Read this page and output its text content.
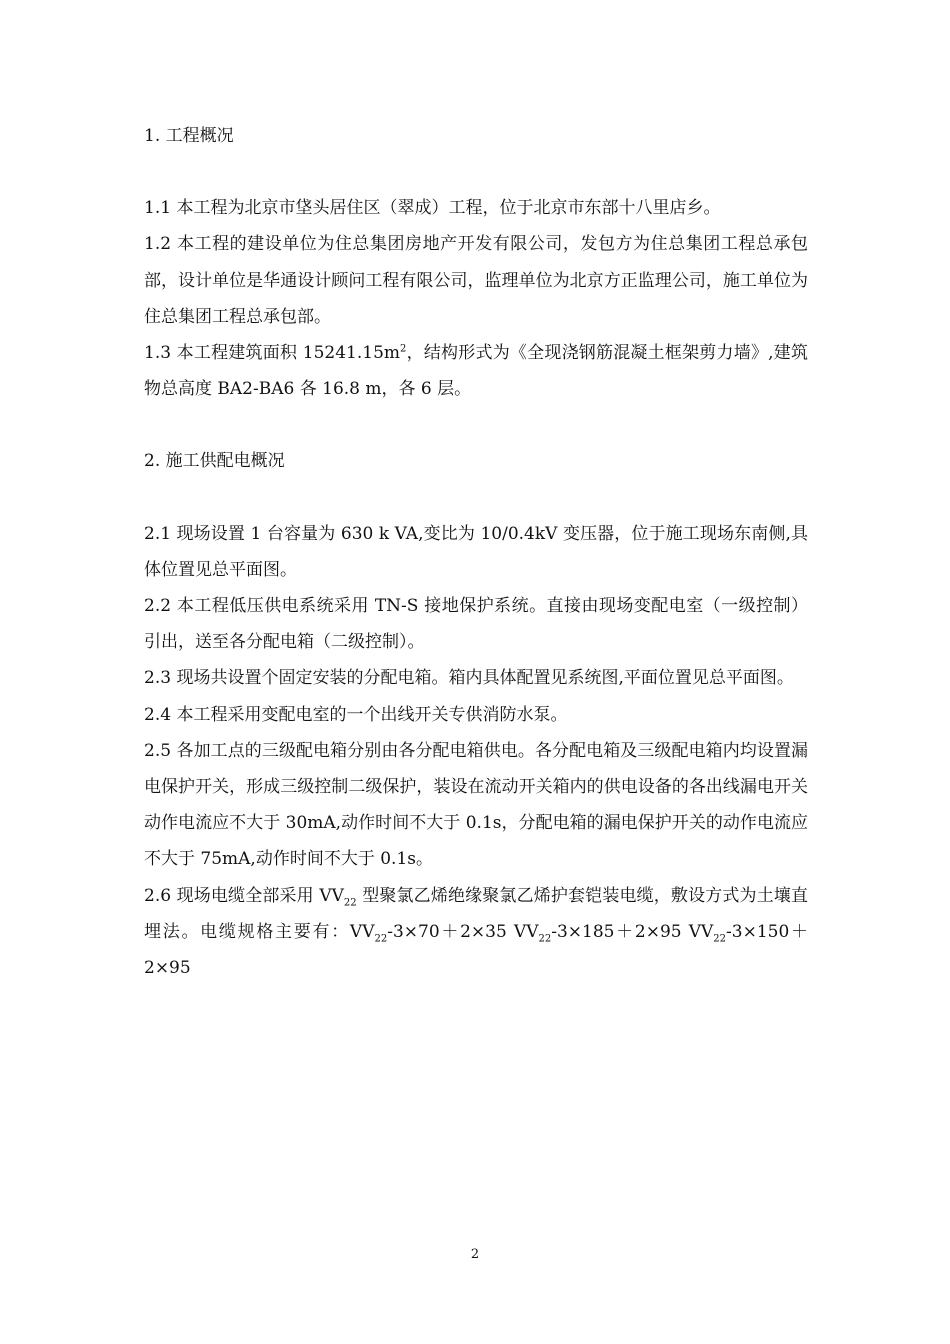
1. 工程概况

1.1 本工程为北京市垡头居住区（翠成）工程，位于北京市东部十八里店乡。

1.2 本工程的建设单位为住总集团房地产开发有限公司，发包方为住总集团工程总承包部，设计单位是华通设计顾问工程有限公司，监理单位为北京方正监理公司，施工单位为住总集团工程总承包部。

1.3 本工程建筑面积 $15241.15m^2$，结构形式为《全现浇钢筋混凝土框架剪力墙》,建筑物总高度 BA2-BA6 各 16.8 m，各 6 层。

2. 施工供配电概况

2.1 现场设置 1 台容量为 630 k VA,变比为 10/0.4kV 变压器，位于施工现场东南侧,具体位置见总平面图。

2.2 本工程低压供电系统采用 TN-S 接地保护系统。直接由现场变配电室（一级控制）引出，送至各分配电箱（二级控制）。

2.3 现场共设置个固定安装的分配电箱。箱内具体配置见系统图,平面位置见总平面图。

2.4 本工程采用变配电室的一个出线开关专供消防水泵。

2.5 各加工点的三级配电箱分别由各分配电箱供电。各分配电箱及三级配电箱内均设置漏电保护开关，形成三级控制二级保护，装设在流动开关箱内的供电设备的各出线漏电开关动作电流应不大于 30mA,动作时间不大于 0.1s，分配电箱的漏电保护开关的动作电流应不大于 75mA,动作时间不大于 0.1s。

2.6 现场电缆全部采用 $VV_{22}$ 型聚氯乙烯绝缘聚氯乙烯护套铠装电缆，敷设方式为土壤直埋法。电缆规格主要有：$VV_{22}-3\times 70+2\times 35$ $VV_{22}-3\times 185+2\times 95$ $VV_{22}-3\times 150+2\times 95$

2
